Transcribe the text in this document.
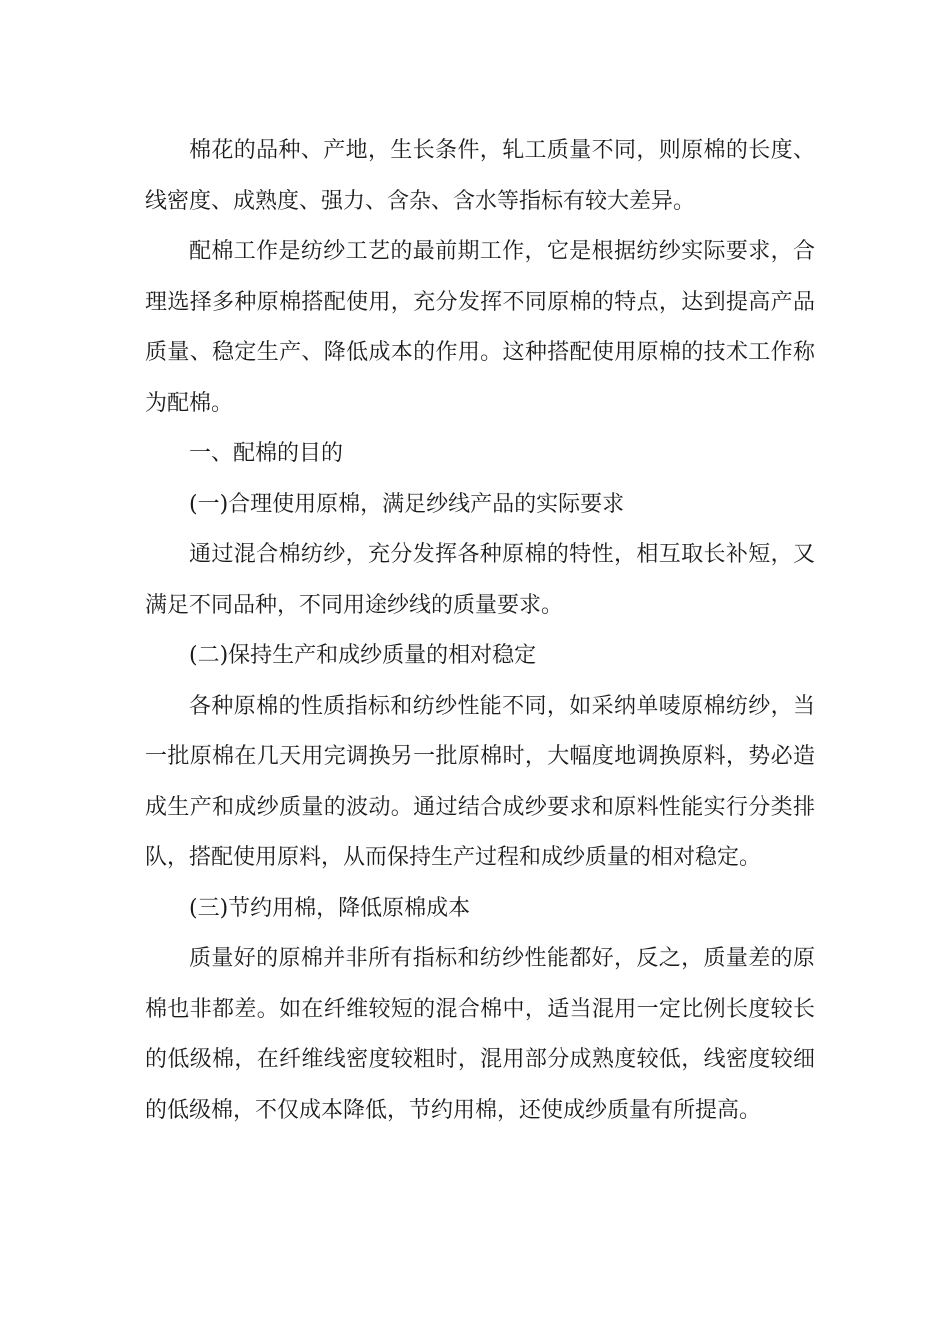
棉花的品种、产地，生长条件，轧工质量不同，则原棉的长度、线密度、成熟度、强力、含杂、含水等指标有较大差异。

配棉工作是纺纱工艺的最前期工作，它是根据纺纱实际要求，合理选择多种原棉搭配使用，充分发挥不同原棉的特点，达到提高产品质量、稳定生产、降低成本的作用。这种搭配使用原棉的技术工作称为配棉。

一、配棉的目的

(一)合理使用原棉，满足纱线产品的实际要求

通过混合棉纺纱，充分发挥各种原棉的特性，相互取长补短，又满足不同品种，不同用途纱线的质量要求。

(二)保持生产和成纱质量的相对稳定

各种原棉的性质指标和纺纱性能不同，如采纳单唛原棉纺纱，当一批原棉在几天用完调换另一批原棉时，大幅度地调换原料，势必造成生产和成纱质量的波动。通过结合成纱要求和原料性能实行分类排队，搭配使用原料，从而保持生产过程和成纱质量的相对稳定。

(三)节约用棉，降低原棉成本

质量好的原棉并非所有指标和纺纱性能都好，反之，质量差的原棉也非都差。如在纤维较短的混合棉中，适当混用一定比例长度较长的低级棉，在纤维线密度较粗时，混用部分成熟度较低，线密度较细的低级棉，不仅成本降低，节约用棉，还使成纱质量有所提高。
